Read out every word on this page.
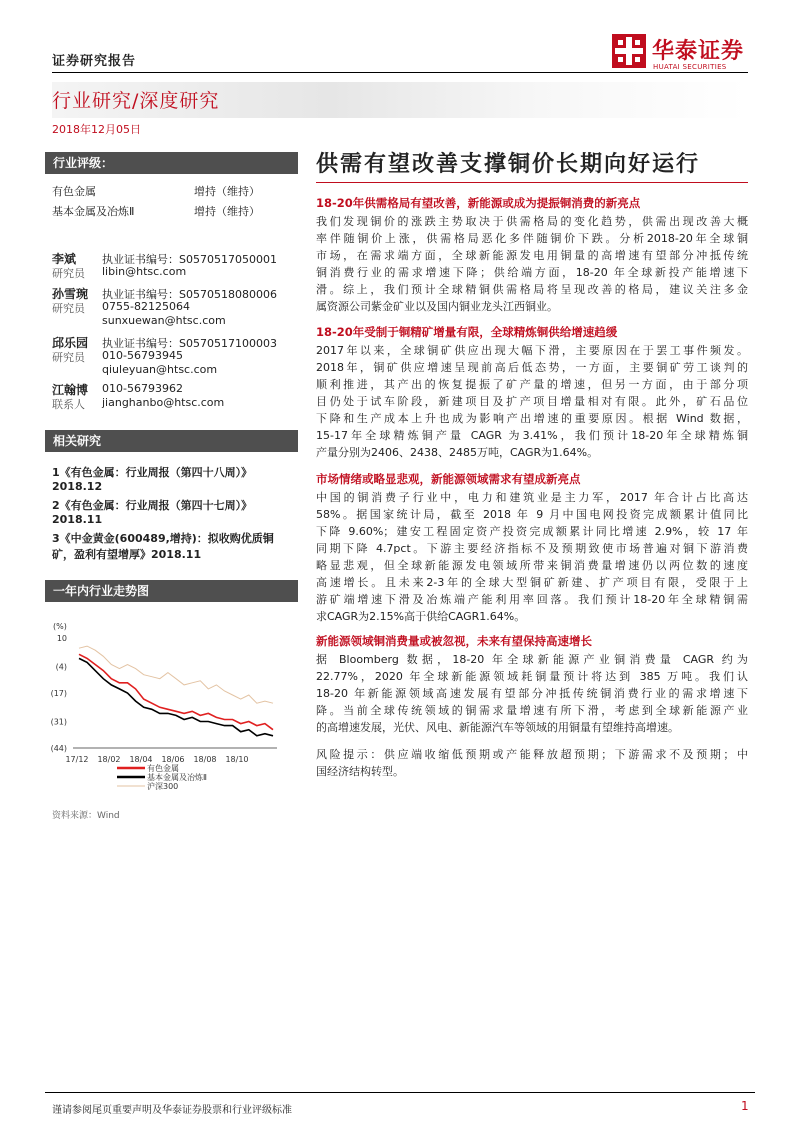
证券研究报告	华泰证券
HUATAI SECURITIES
行业研究/深度研究
2018年12月05日
行业评级：
有色金属	增持（维持）
基本金属及冶炼Ⅱ	增持（维持）
李斌
研究员
执业证书编号：S0570517050001
libin@htsc.com
孙雪琬
研究员
执业证书编号：S0570518080006
0755-82125064
sunxuewan@htsc.com
邱乐园
研究员
执业证书编号：S0570517100003
010-56793945
qiuleyuan@htsc.com
江翰博
联系人
010-56793962
jianghanbo@htsc.com
相关研究
1《有色金属：行业周报（第四十八周）》
2018.12
2《有色金属：行业周报（第四十七周）》
2018.11
3《中金黄金(600489,增持)：拟收购优质铜
矿，盈利有望增厚》2018.11
一年内行业走势图
(%)
10
(4)
(17)
(31)
(44)
17/12 18/02 18/04 18/06 18/08 18/10
有色金属
基本金属及冶炼Ⅱ
沪深300
资料来源：Wind
供需有望改善支撑铜价长期向好运行
18-20年供需格局有望改善，新能源或成为提振铜消费的新亮点
我们发现铜价的涨跌主势取决于供需格局的变化趋势，供需出现改善大概
率伴随铜价上涨，供需格局恶化多伴随铜价下跌。分析2018-20年全球铜
市场，在需求端方面，全球新能源发电用铜量的高增速有望部分冲抵传统
铜消费行业的需求增速下降；供给端方面，18-20 年全球新投产能增速下
滑。综上，我们预计全球精铜供需格局将呈现改善的格局，建议关注多金
属资源公司紫金矿业以及国内铜业龙头江西铜业。
18-20年受制于铜精矿增量有限，全球精炼铜供给增速趋缓
2017年以来，全球铜矿供应出现大幅下滑，主要原因在于罢工事件频发。
2018年，铜矿供应增速呈现前高后低态势，一方面，主要铜矿劳工谈判的
顺利推进，其产出的恢复提振了矿产量的增速，但另一方面，由于部分项
目仍处于试车阶段，新建项目及扩产项目增量相对有限。此外，矿石品位
下降和生产成本上升也成为影响产出增速的重要原因。根据 Wind 数据，
15-17年全球精炼铜产量 CAGR 为3.41%，我们预计18-20年全球精炼铜
产量分别为2406、2438、2485万吨，CAGR为1.64%。
市场情绪或略显悲观，新能源领域需求有望成新亮点
中国的铜消费子行业中，电力和建筑业是主力军，2017 年合计占比高达
58%。据国家统计局，截至 2018 年 9 月中国电网投资完成额累计值同比
下降 9.60%；建安工程固定资产投资完成额累计同比增速 2.9%，较 17 年
同期下降 4.7pct。下游主要经济指标不及预期致使市场普遍对铜下游消费
略显悲观，但全球新能源发电领域所带来铜消费量增速仍以两位数的速度
高速增长。且未来2-3年的全球大型铜矿新建、扩产项目有限，受限于上
游矿端增速下滑及冶炼端产能利用率回落。我们预计18-20年全球精铜需
求CAGR为2.15%高于供给CAGR1.64%。
新能源领域铜消费量或被忽视，未来有望保持高速增长
据 Bloomberg 数据，18-20 年全球新能源产业铜消费量 CAGR 约为
22.77%，2020 年全球新能源领域耗铜量预计将达到 385 万吨。我们认
18-20 年新能源领域高速发展有望部分冲抵传统铜消费行业的需求增速下
降。当前全球传统领域的铜需求量增速有所下滑，考虑到全球新能源产业
的高增速发展，光伏、风电、新能源汽车等领域的用铜量有望维持高增速。
风险提示：供应端收缩低预期或产能释放超预期；下游需求不及预期；中
国经济结构转型。
谨请参阅尾页重要声明及华泰证券股票和行业评级标准	1
